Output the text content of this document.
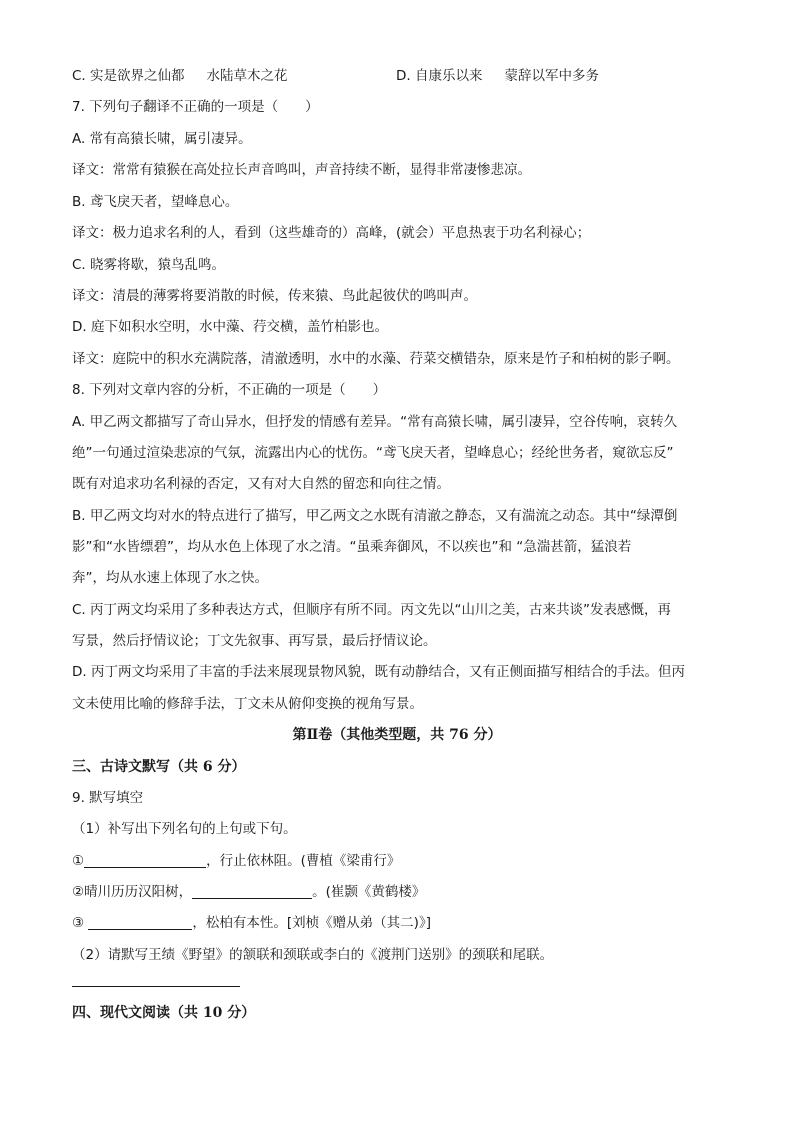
C. 实是欲界之仙都 水陆草木之花	D. 自康乐以来 蒙辞以军中多务
7. 下列句子翻译不正确的一项是（　　）
A. 常有高猿长啸，属引凄异。
译文：常常有猿猴在高处拉长声音鸣叫，声音持续不断，显得非常凄惨悲凉。
B. 鸢飞戾天者，望峰息心。
译文：极力追求名利的人，看到（这些雄奇的）高峰，(就会）平息热衷于功名利禄心；
C. 晓雾将歇，猿鸟乱鸣。
译文：清晨的薄雾将要消散的时候，传来猿、鸟此起彼伏的鸣叫声。
D. 庭下如积水空明，水中藻、荇交横，盖竹柏影也。
译文：庭院中的积水充满院落，清澈透明，水中的水藻、荇菜交横错杂，原来是竹子和柏树的影子啊。
8. 下列对文章内容的分析，不正确的一项是（　　）
A. 甲乙两文都描写了奇山异水，但抒发的情感有差异。“常有高猿长啸，属引凄异，空谷传响，哀转久
绝”一句通过渲染悲凉的气氛，流露出内心的忧伤。“鸢飞戾天者，望峰息心；经纶世务者，窥欲忘反”
既有对追求功名利禄的否定，又有对大自然的留恋和向往之情。
B. 甲乙两文均对水的特点进行了描写，甲乙两文之水既有清澈之静态，又有湍流之动态。其中“绿潭倒
影”和“水皆缥碧”，均从水色上体现了水之清。“虽乘奔御风，不以疾也”和 “急湍甚箭，猛浪若
奔”，均从水速上体现了水之快。
C. 丙丁两文均采用了多种表达方式，但顺序有所不同。丙文先以“山川之美，古来共谈”发表感慨，再
写景，然后抒情议论；丁文先叙事、再写景，最后抒情议论。
D. 丙丁两文均采用了丰富的手法来展现景物风貌，既有动静结合，又有正侧面描写相结合的手法。但丙
文未使用比喻的修辞手法，丁文未从俯仰变换的视角写景。
第Ⅱ卷（其他类型题，共 76 分）
三、古诗文默写（共 6 分）
9. 默写填空
（1）补写出下列名句的上句或下句。
①	，行止依林阻。(曹植《梁甫行》
②晴川历历汉阳树，	。(崔颢《黄鹤楼》
③	，松柏有本性。[刘桢《赠从弟（其二)》]
（2）请默写王绩《野望》的颔联和颈联或李白的《渡荆门送别》的颈联和尾联。
四、现代文阅读（共 10 分）
